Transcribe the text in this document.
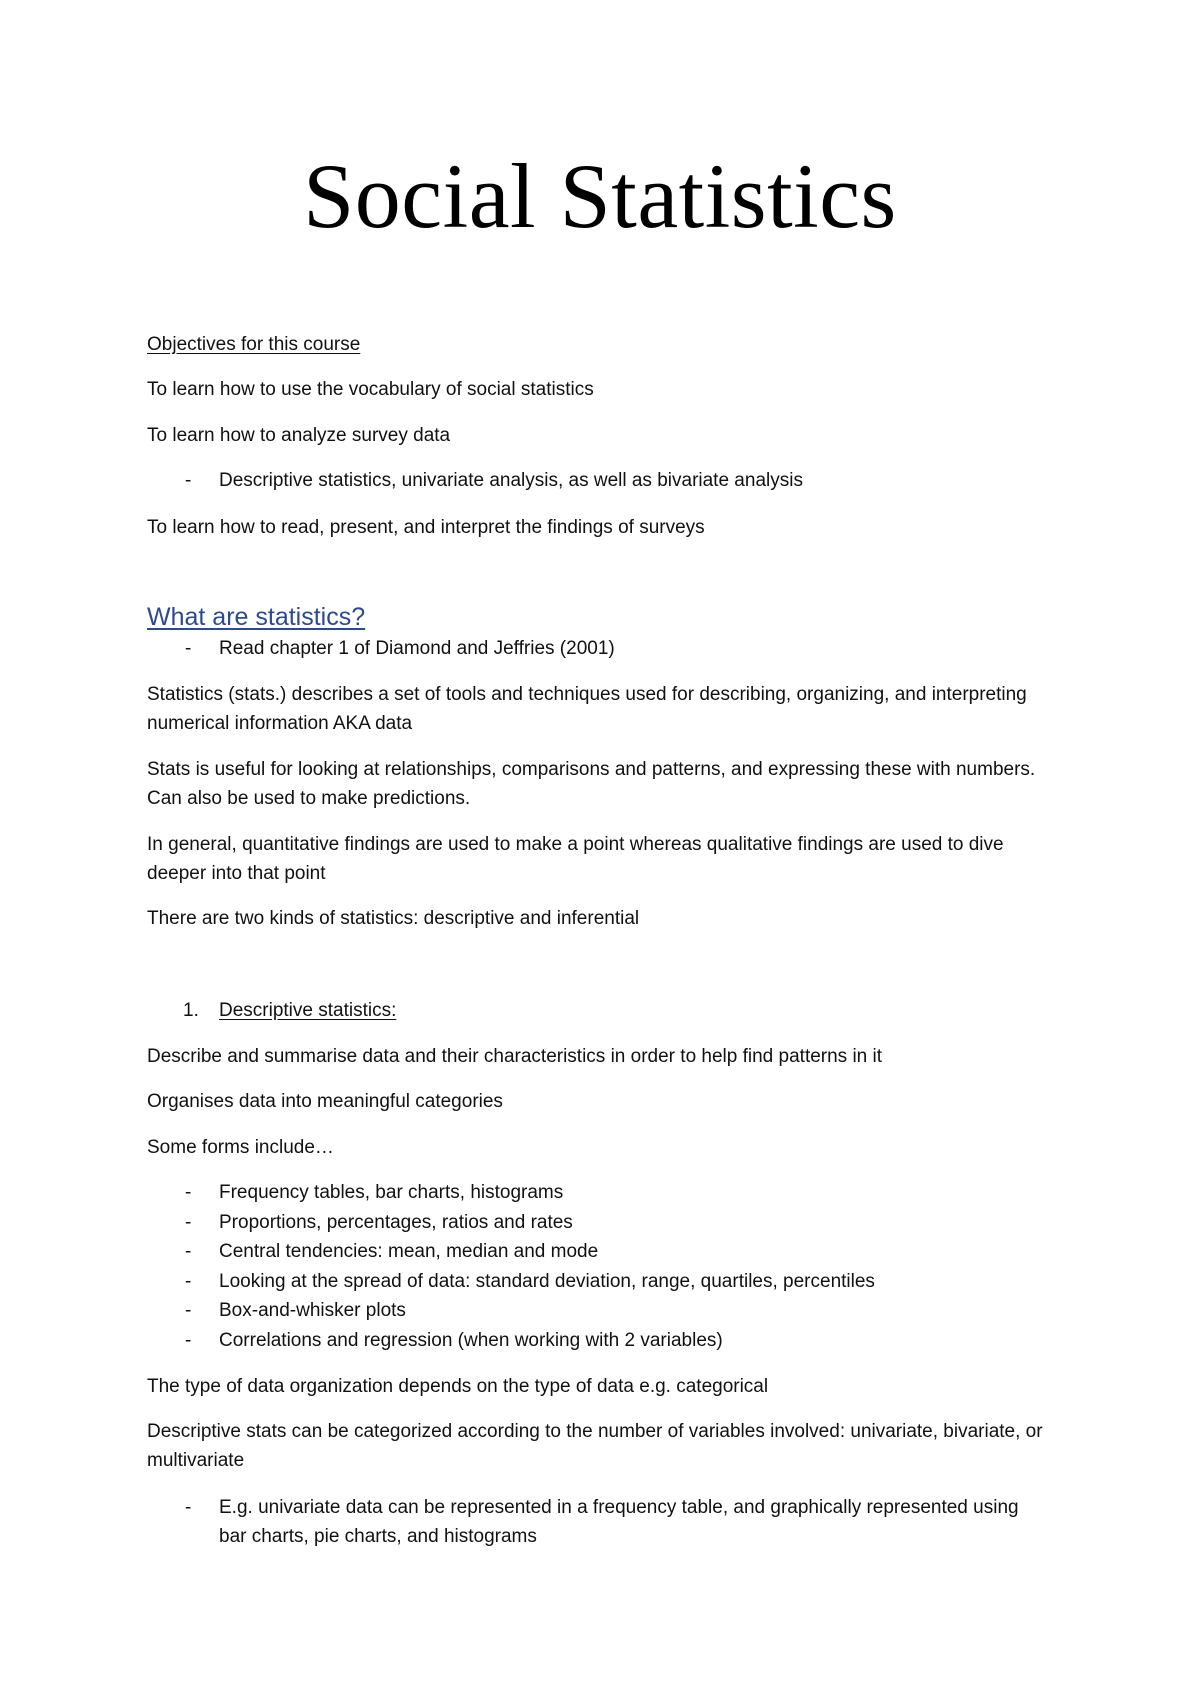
Social Statistics
Objectives for this course
To learn how to use the vocabulary of social statistics
To learn how to analyze survey data
- Descriptive statistics, univariate analysis, as well as bivariate analysis
To learn how to read, present, and interpret the findings of surveys
What are statistics?
- Read chapter 1 of Diamond and Jeffries (2001)
Statistics (stats.) describes a set of tools and techniques used for describing, organizing, and interpreting numerical information AKA data
Stats is useful for looking at relationships, comparisons and patterns, and expressing these with numbers. Can also be used to make predictions.
In general, quantitative findings are used to make a point whereas qualitative findings are used to dive deeper into that point
There are two kinds of statistics: descriptive and inferential
1. Descriptive statistics:
Describe and summarise data and their characteristics in order to help find patterns in it
Organises data into meaningful categories
Some forms include…
- Frequency tables, bar charts, histograms
- Proportions, percentages, ratios and rates
- Central tendencies: mean, median and mode
- Looking at the spread of data: standard deviation, range, quartiles, percentiles
- Box-and-whisker plots
- Correlations and regression (when working with 2 variables)
The type of data organization depends on the type of data e.g. categorical
Descriptive stats can be categorized according to the number of variables involved: univariate, bivariate, or multivariate
- E.g. univariate data can be represented in a frequency table, and graphically represented using bar charts, pie charts, and histograms
